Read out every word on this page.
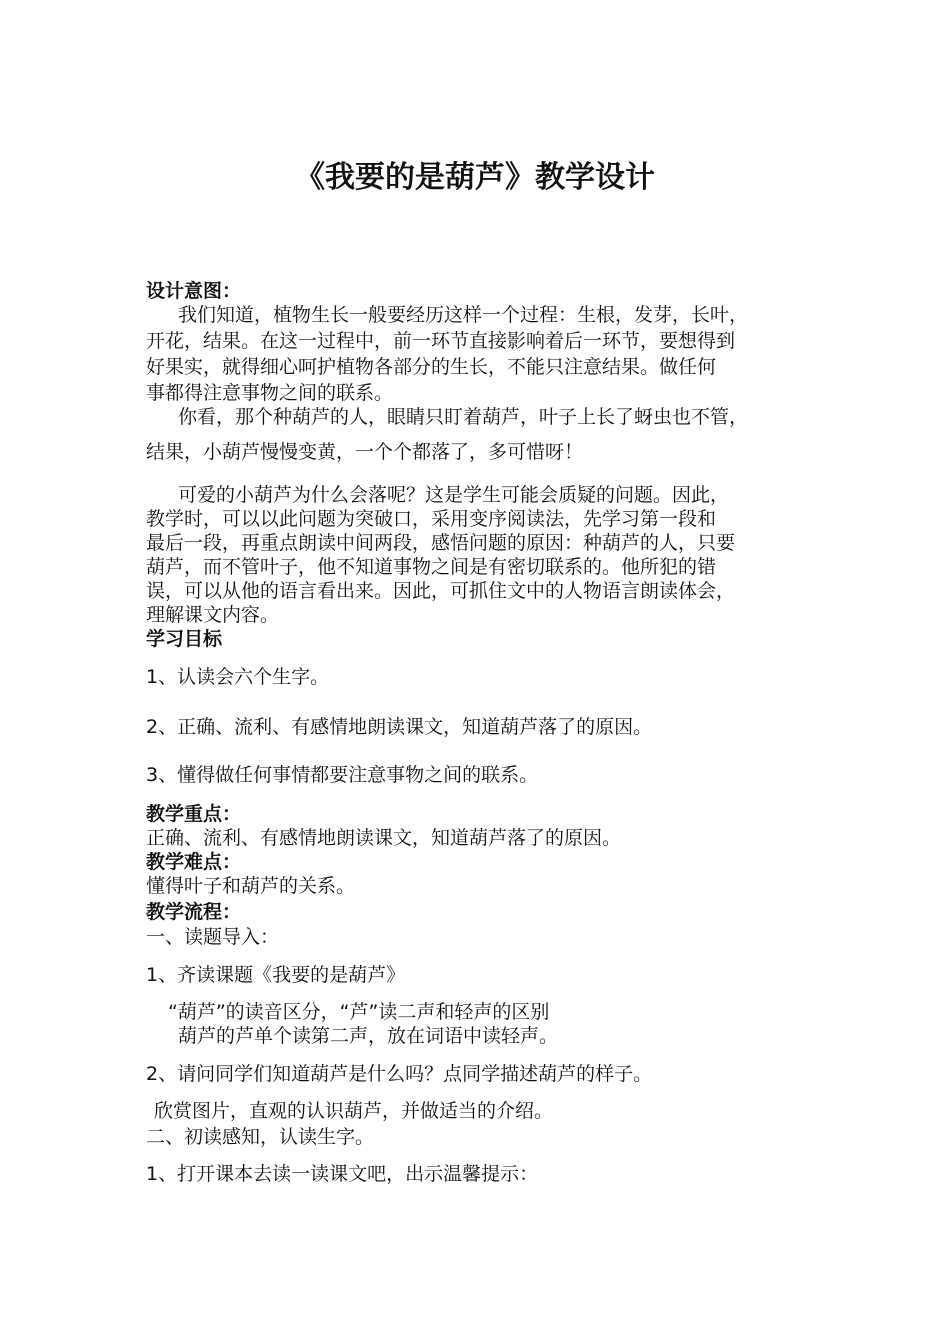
《我要的是葫芦》教学设计
设计意图：
我们知道，植物生长一般要经历这样一个过程：生根，发芽，长叶，
开花，结果。在这一过程中，前一环节直接影响着后一环节，要想得到
好果实，就得细心呵护植物各部分的生长，不能只注意结果。做任何
事都得注意事物之间的联系。
你看，那个种葫芦的人，眼睛只盯着葫芦，叶子上长了蚜虫也不管，
结果，小葫芦慢慢变黄，一个个都落了，多可惜呀！
可爱的小葫芦为什么会落呢？这是学生可能会质疑的问题。因此，
教学时，可以以此问题为突破口，采用变序阅读法，先学习第一段和
最后一段，再重点朗读中间两段，感悟问题的原因：种葫芦的人，只要
葫芦，而不管叶子，他不知道事物之间是有密切联系的。他所犯的错
误，可以从他的语言看出来。因此，可抓住文中的人物语言朗读体会，
理解课文内容。
学习目标
1、认读会六个生字。
2、正确、流利、有感情地朗读课文，知道葫芦落了的原因。
3、懂得做任何事情都要注意事物之间的联系。
教学重点：
正确、流利、有感情地朗读课文，知道葫芦落了的原因。
教学难点：
懂得叶子和葫芦的关系。
教学流程：
一、读题导入：
1、齐读课题《我要的是葫芦》
“葫芦”的读音区分，“芦”读二声和轻声的区别
葫芦的芦单个读第二声，放在词语中读轻声。
2、请问同学们知道葫芦是什么吗？点同学描述葫芦的样子。
欣赏图片，直观的认识葫芦，并做适当的介绍。
二、初读感知，认读生字。
1、打开课本去读一读课文吧，出示温馨提示：
